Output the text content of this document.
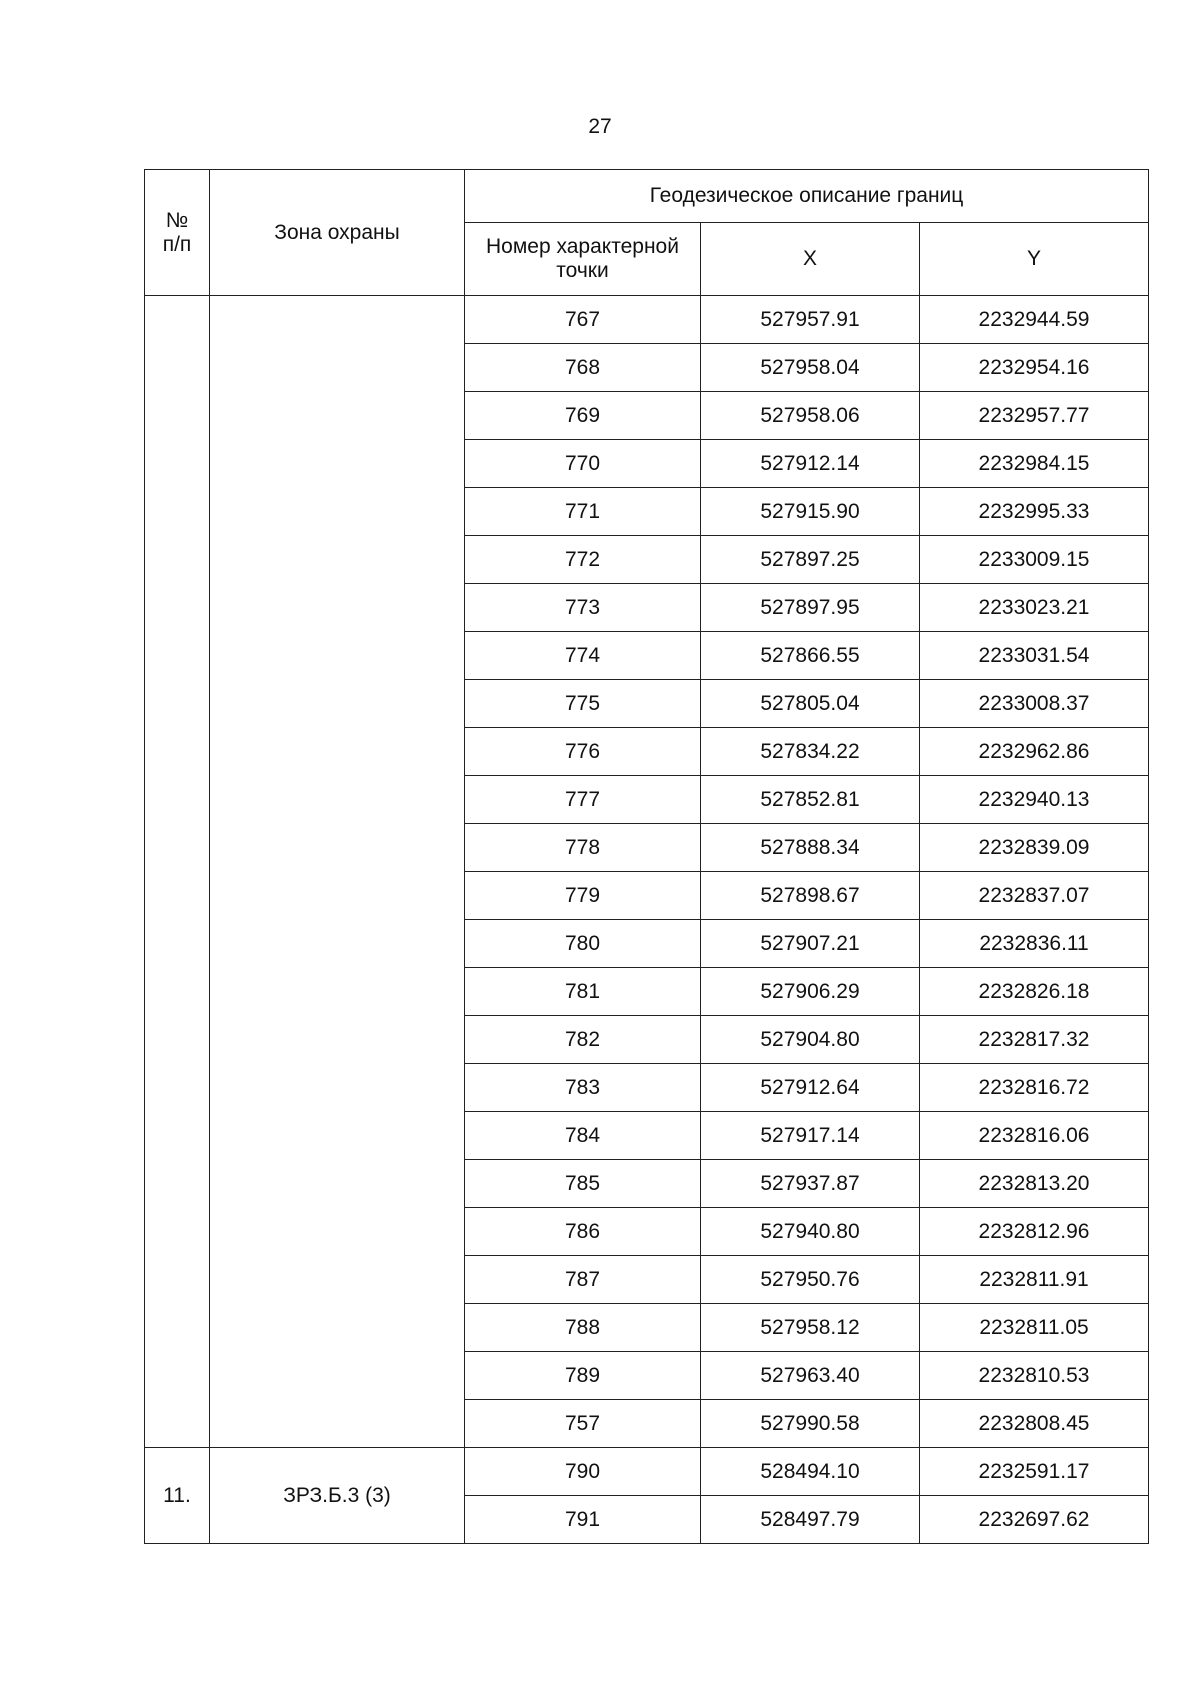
27
№
п/п	Зона охраны	Геодезическое описание границ		
		Номер характерной точки	X	Y
		767	527957.91	2232944.59
		768	527958.04	2232954.16
		769	527958.06	2232957.77
		770	527912.14	2232984.15
		771	527915.90	2232995.33
		772	527897.25	2233009.15
		773	527897.95	2233023.21
		774	527866.55	2233031.54
		775	527805.04	2233008.37
		776	527834.22	2232962.86
		777	527852.81	2232940.13
		778	527888.34	2232839.09
		779	527898.67	2232837.07
		780	527907.21	2232836.11
		781	527906.29	2232826.18
		782	527904.80	2232817.32
		783	527912.64	2232816.72
		784	527917.14	2232816.06
		785	527937.87	2232813.20
		786	527940.80	2232812.96
		787	527950.76	2232811.91
		788	527958.12	2232811.05
		789	527963.40	2232810.53
		757	527990.58	2232808.45
11.	ЗРЗ.Б.3 (3)	790	528494.10	2232591.17
		791	528497.79	2232697.62
